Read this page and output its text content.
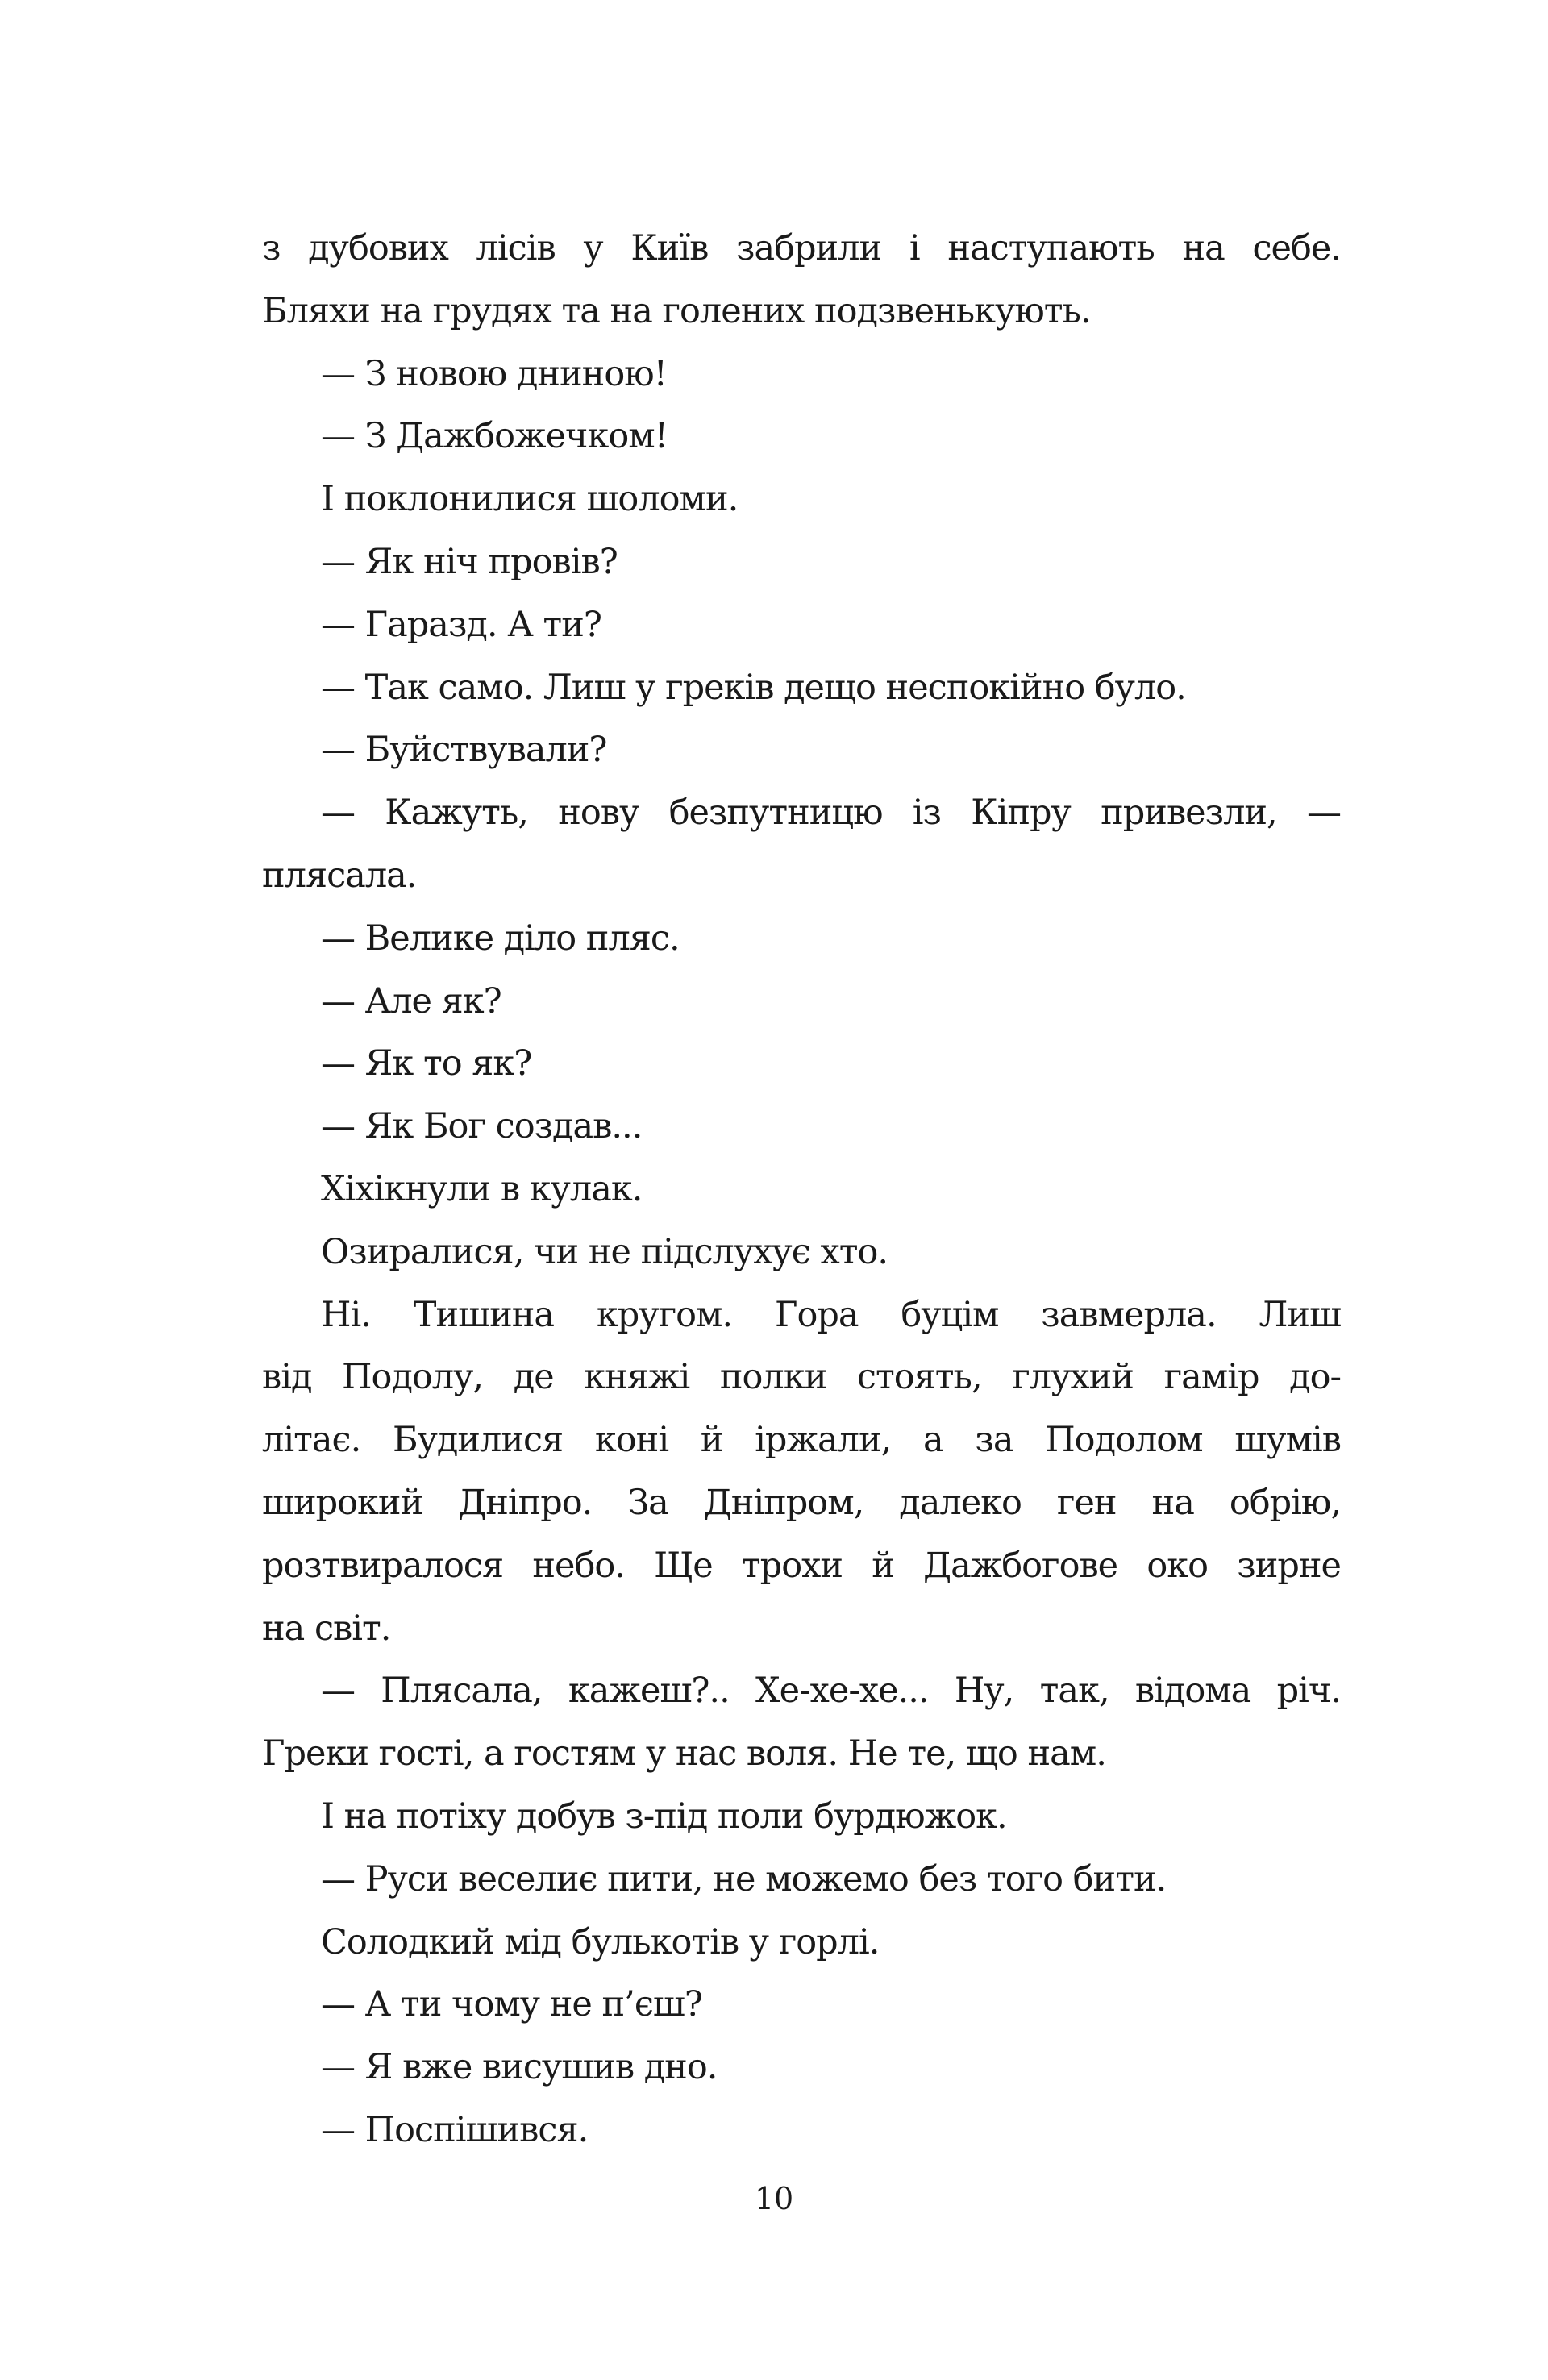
з дубових лісів у Київ забрили і наступають на себе.
Бляхи на грудях та на голених подзвенькують.
— З новою дниною!
— З Дажбожечком!
І поклонилися шоломи.
— Як ніч провів?
— Гаразд. А ти?
— Так само. Лиш у греків дещо неспокійно було.
— Буйствували?
— Кажуть, нову безпутницю із Кіпру привезли, —
плясала.
— Велике діло пляс.
— Але як?
— Як то як?
— Як Бог создав...
Хіхікнули в кулак.
Озиралися, чи не підслухує хто.
Ні. Тишина кругом. Гора буцім завмерла. Лиш
від Подолу, де княжі полки стоять, глухий гамір до-
літає. Будилися коні й іржали, а за Подолом шумів
широкий Дніпро. За Дніпром, далеко ген на обрію,
розтвиралося небо. Ще трохи й Дажбогове око зирне
на світ.
— Плясала, кажеш?.. Хе-хе-хе... Ну, так, відома річ.
Греки гості, а гостям у нас воля. Не те, що нам.
І на потіху добув з-під поли бурдюжок.
— Руси веселиє пити, не можемо без того бити.
Солодкий мід булькотів у горлі.
— А ти чому не п’єш?
— Я вже висушив дно.
— Поспішився.
10
